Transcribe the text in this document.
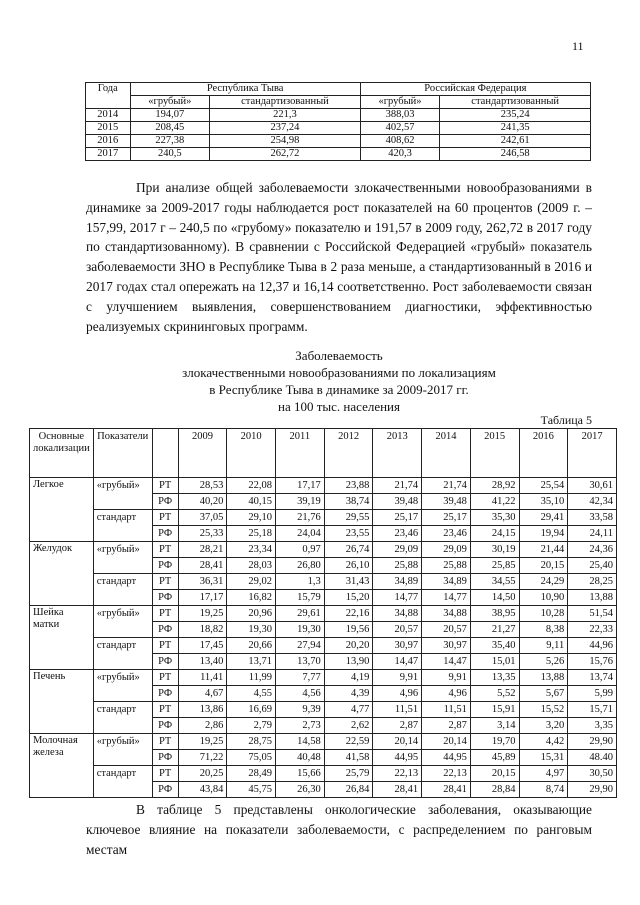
11
Года	Республика Тыва		Российская Федерация	
	«грубый»	стандартизованный	«грубый»	стандартизованный
2014	194,07	221,3	388,03	235,24
2015	208,45	237,24	402,57	241,35
2016	227,38	254,98	408,62	242,61
2017	240,5	262,72	420,3	246,58

При анализе общей заболеваемости злокачественными новообразованиями в динамике за 2009-2017 годы наблюдается рост показателей на 60 процентов (2009 г. – 157,99, 2017 г – 240,5 по «грубому» показателю и 191,57 в 2009 году, 262,72 в 2017 году по стандартизованному). В сравнении с Российской Федерацией «грубый» показатель заболеваемости ЗНО в Республике Тыва в 2 раза меньше, а стандартизованный в 2016 и 2017 годах стал опережать на 12,37 и 16,14 соответственно. Рост заболеваемости связан с улучшением выявления, совершенствованием диагностики, эффективностью реализуемых скрининговых программ.

Заболеваемость
злокачественными новообразованиями по локализациям
в Республике Тыва в динамике за 2009-2017 гг.
на 100 тыс. населения
Таблица 5
Основные локализации	Показатели		2009	2010	2011	2012	2013	2014	2015	2016	2017
Легкое	«грубый»	РТ	28,53	22,08	17,17	23,88	21,74	21,74	28,92	25,54	30,61
		РФ	40,20	40,15	39,19	38,74	39,48	39,48	41,22	35,10	42,34
	стандарт	РТ	37,05	29,10	21,76	29,55	25,17	25,17	35,30	29,41	33,58
		РФ	25,33	25,18	24,04	23,55	23,46	23,46	24,15	19,94	24,11
Желудок	«грубый»	РТ	28,21	23,34	0,97	26,74	29,09	29,09	30,19	21,44	24,36
		РФ	28,41	28,03	26,80	26,10	25,88	25,88	25,85	20,15	25,40
	стандарт	РТ	36,31	29,02	1,3	31,43	34,89	34,89	34,55	24,29	28,25
		РФ	17,17	16,82	15,79	15,20	14,77	14,77	14,50	10,90	13,88
Шейка матки	«грубый»	РТ	19,25	20,96	29,61	22,16	34,88	34,88	38,95	10,28	51,54
		РФ	18,82	19,30	19,30	19,56	20,57	20,57	21,27	8,38	22,33
	стандарт	РТ	17,45	20,66	27,94	20,20	30,97	30,97	35,40	9,11	44,96
		РФ	13,40	13,71	13,70	13,90	14,47	14,47	15,01	5,26	15,76
Печень	«грубый»	РТ	11,41	11,99	7,77	4,19	9,91	9,91	13,35	13,88	13,74
		РФ	4,67	4,55	4,56	4,39	4,96	4,96	5,52	5,67	5,99
	стандарт	РТ	13,86	16,69	9,39	4,77	11,51	11,51	15,91	15,52	15,71
		РФ	2,86	2,79	2,73	2,62	2,87	2,87	3,14	3,20	3,35
Молочная железа	«грубый»	РТ	19,25	28,75	14,58	22,59	20,14	20,14	19,70	4,42	29,90
		РФ	71,22	75,05	40,48	41,58	44,95	44,95	45,89	15,31	48.40
	стандарт	РТ	20,25	28,49	15,66	25,79	22,13	22,13	20,15	4,97	30,50
		РФ	43,84	45,75	26,30	26,84	28,41	28,41	28,84	8,74	29,90

В таблице 5 представлены онкологические заболевания, оказывающие ключевое влияние на показатели заболеваемости, с распределением по ранговым местам
